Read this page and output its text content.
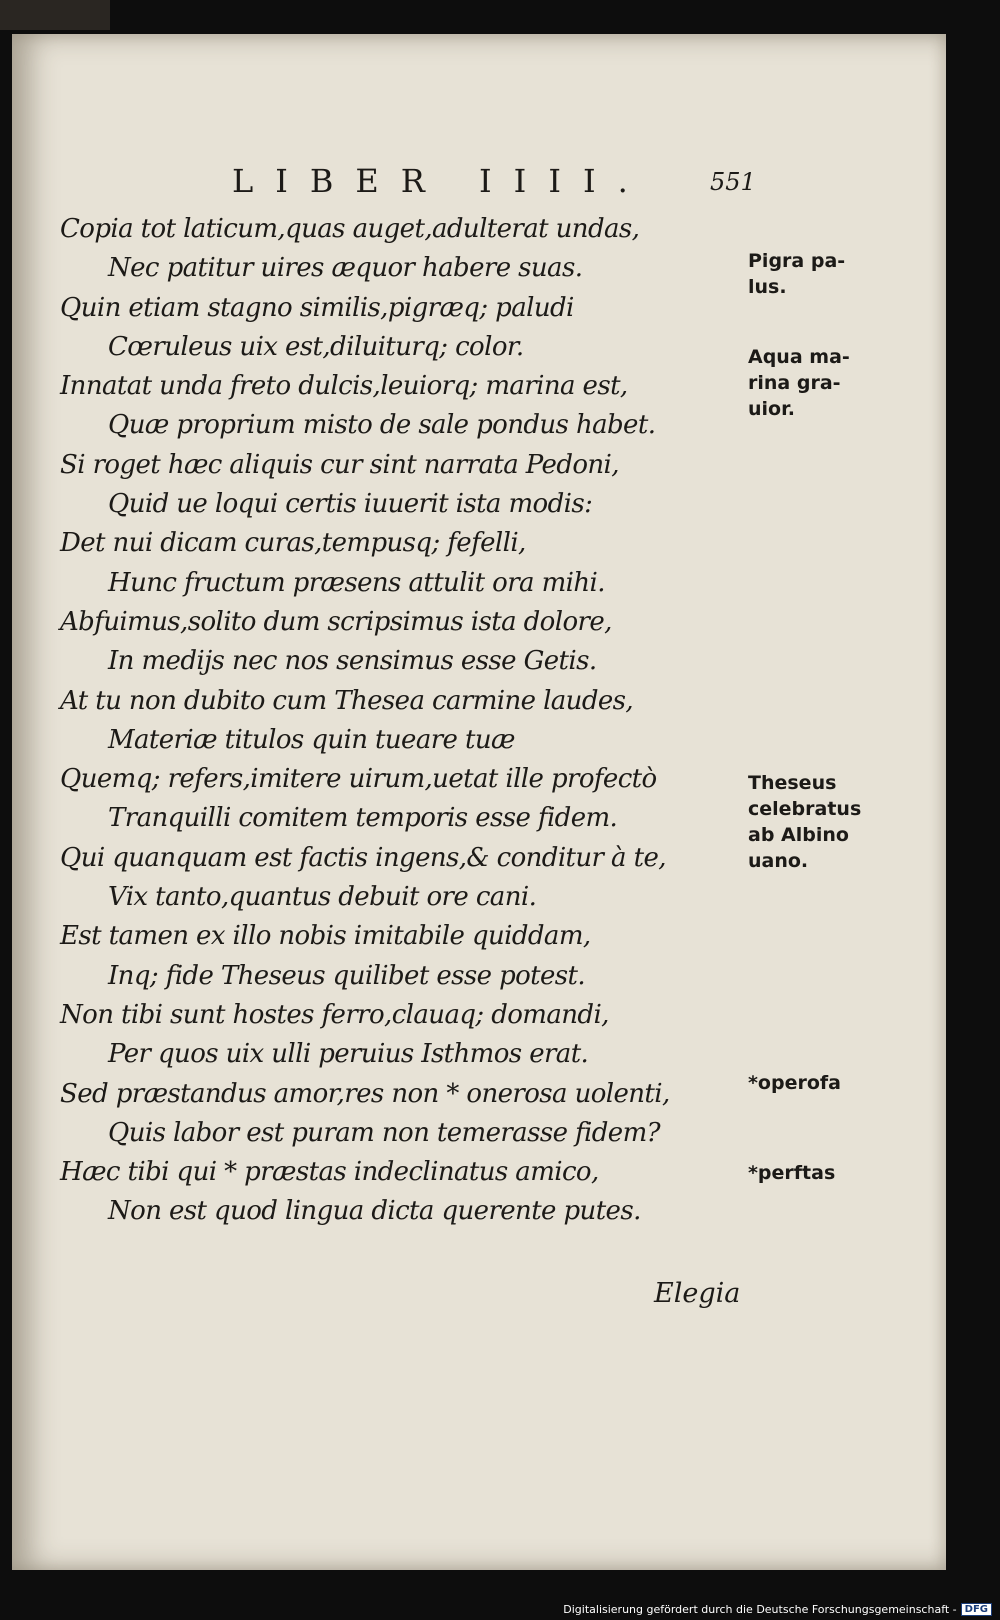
LIBER IIII.	551
Copia tot laticum,quas auget,adulterat undas,
Nec patitur uires æquor habere suas.
Quin etiam stagno similis,pigræq; paludi
Cœruleus uix est,diluiturq; color.
Innatat unda freto dulcis,leuiorq; marina est,
Quæ proprium misto de sale pondus habet.
Si roget hæc aliquis cur sint narrata Pedoni,
Quid ue loqui certis iuuerit ista modis:
Det nui dicam curas,tempusq; fefelli,
Hunc fructum præsens attulit ora mihi.
Abfuimus,solito dum scripsimus ista dolore,
In medijs nec nos sensimus esse Getis.
At tu non dubito cum Thesea carmine laudes,
Materiæ titulos quin tueare tuæ
Quemq; refers,imitere uirum,uetat ille profectò
Tranquilli comitem temporis esse fidem.
Qui quanquam est factis ingens,& conditur à te,
Vix tanto,quantus debuit ore cani.
Est tamen ex illo nobis imitabile quiddam,
Inq; fide Theseus quilibet esse potest.
Non tibi sunt hostes ferro,clauaq; domandi,
Per quos uix ulli peruius Isthmos erat.
Sed præstandus amor,res non * onerosa uolenti,
Quis labor est puram non temerasse fidem?
Hæc tibi qui * præstas indeclinatus amico,
Non est quod lingua dicta querente putes.
Pigra pa-
lus.
Aqua ma-
rina gra-
uior.
Theseus
celebratus
ab Albino
uano.
*operofa
*perftas
Elegia
Digitalisierung gefördert durch die Deutsche Forschungsgemeinschaft - DFG
